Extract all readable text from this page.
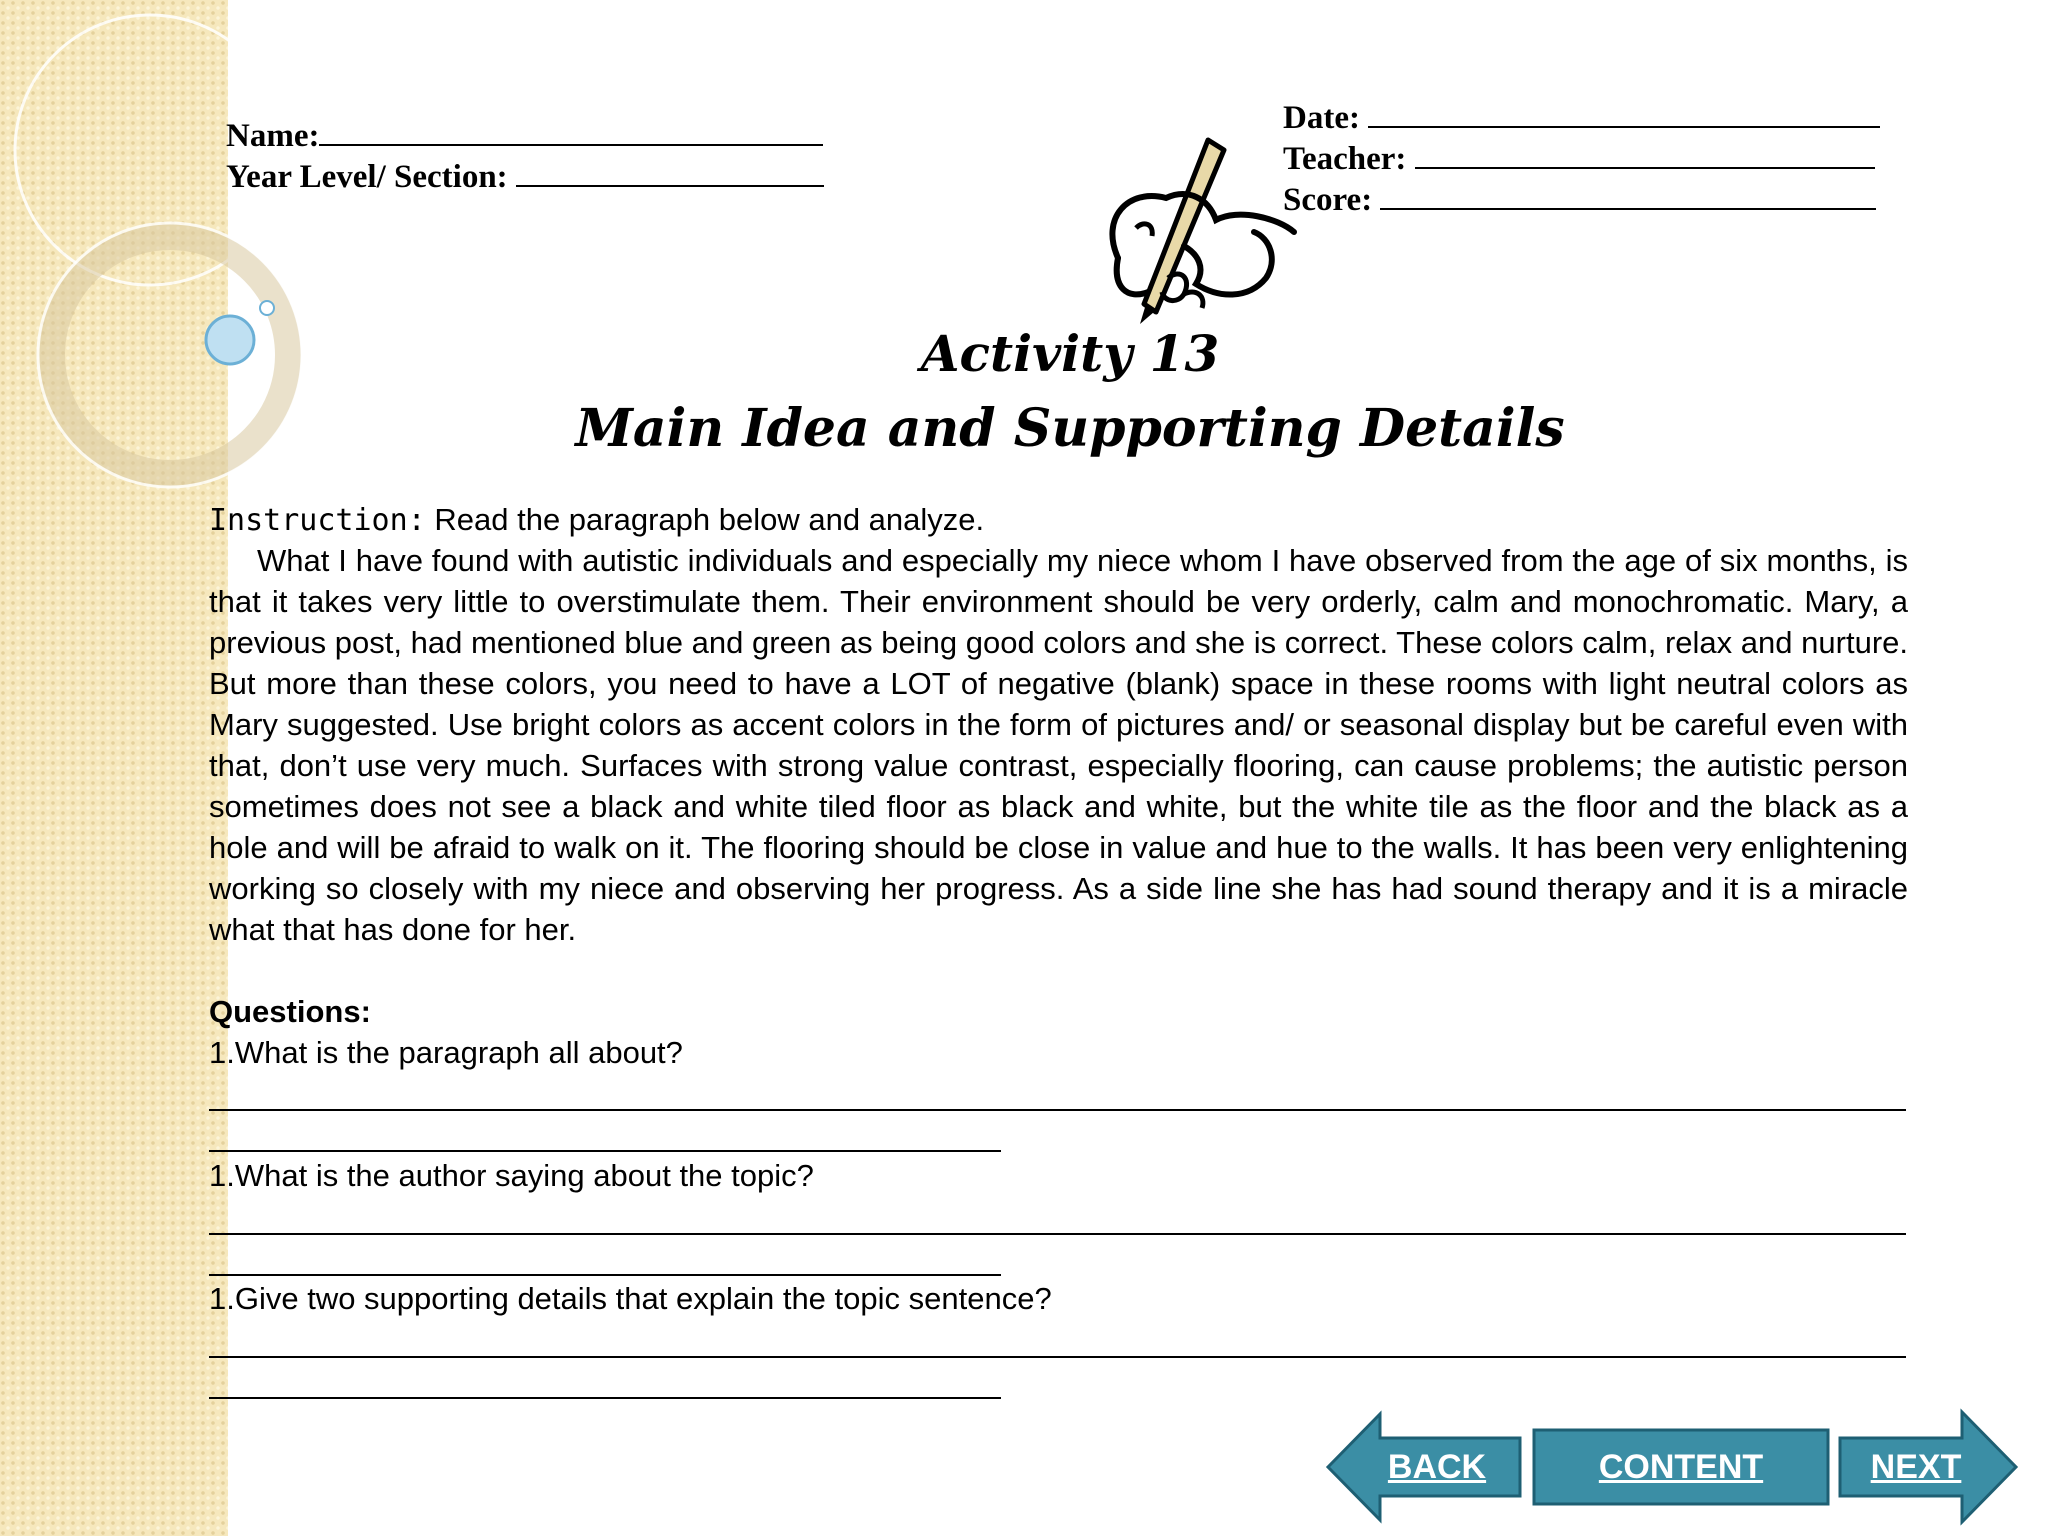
Name:
Year Level/ Section:
Date:
Teacher:
Score:
Activity 13
Main Idea and Supporting Details
Instruction: Read the paragraph below and analyze.
What I have found with autistic individuals and especially my niece whom I have observed from the age of six months, is that it takes very little to overstimulate them. Their environment should be very orderly, calm and monochromatic. Mary, a previous post, had mentioned blue and green as being good colors and she is correct. These colors calm, relax and nurture. But more than these colors, you need to have a LOT of negative (blank) space in these rooms with light neutral colors as Mary suggested. Use bright colors as accent colors in the form of pictures and/ or seasonal display but be careful even with that, don’t use very much. Surfaces with strong value contrast, especially flooring, can cause problems; the autistic person sometimes does not see a black and white tiled floor as black and white, but the white tile as the floor and the black as a hole and will be afraid to walk on it. The flooring should be close in value and hue to the walls. It has been very enlightening working so closely with my niece and observing her progress. As a side line she has had sound therapy and it is a miracle what that has done for her.
Questions:
1.What is the paragraph all about?
1.What is the author saying about the topic?
1.Give two supporting details that explain the topic sentence?
BACK	CONTENT	NEXT
